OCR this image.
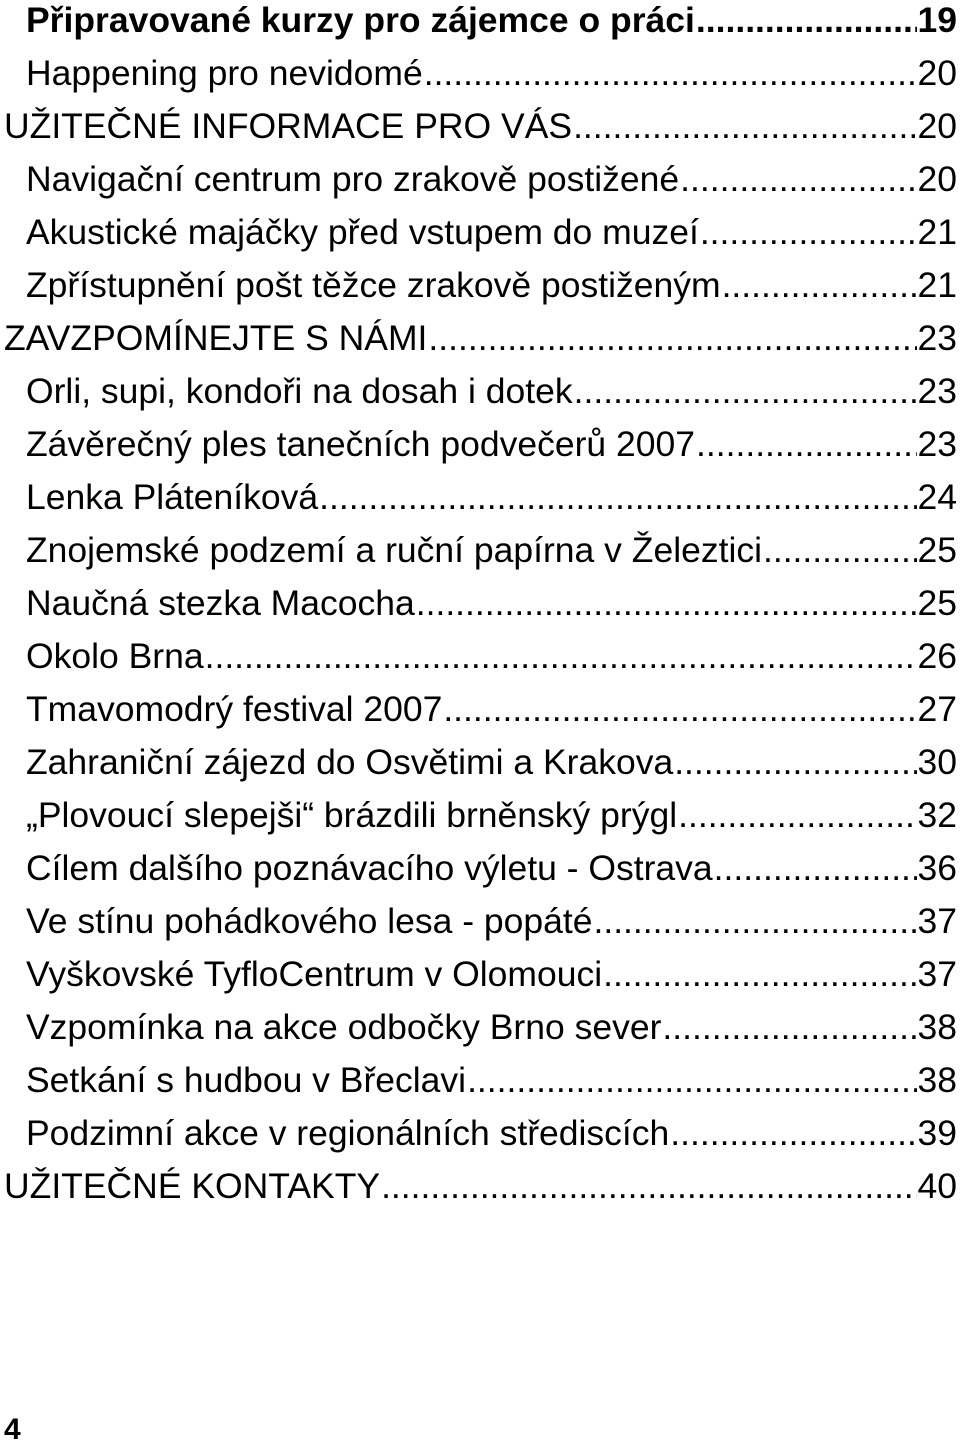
Připravované kurzy pro zájemce o práci .....	19
Happening pro nevidomé .....	20
UŽITEČNÉ INFORMACE PRO VÁS .....	20
Navigační centrum pro zrakově postižené .....	20
Akustické majáčky před vstupem do muzeí .....	21
Zpřístupnění pošt těžce zrakově postiženým .....	21
ZAVZPOMÍNEJTE S NÁMI .....	23
Orli, supi, kondoři na dosah i dotek .....	23
Závěrečný ples tanečních podvečerů 2007 .....	23
Lenka Pláteníková .....	24
Znojemské podzemí a ruční papírna v Železtici .....	25
Naučná stezka Macocha .....	25
Okolo Brna .....	26
Tmavomodrý festival 2007 .....	27
Zahraniční zájezd do Osvětimi a Krakova .....	30
„Plovoucí slepejši“ brázdili brněnský prýgl .....	32
Cílem dalšího poznávacího výletu - Ostrava .....	36
Ve stínu pohádkového lesa - popáté .....	37
Vyškovské TyfloCentrum v Olomouci .....	37
Vzpomínka na akce odbočky Brno sever .....	38
Setkání s hudbou v Břeclavi .....	38
Podzimní akce v regionálních střediscích .....	39
UŽITEČNÉ KONTAKTY .....	40
4
